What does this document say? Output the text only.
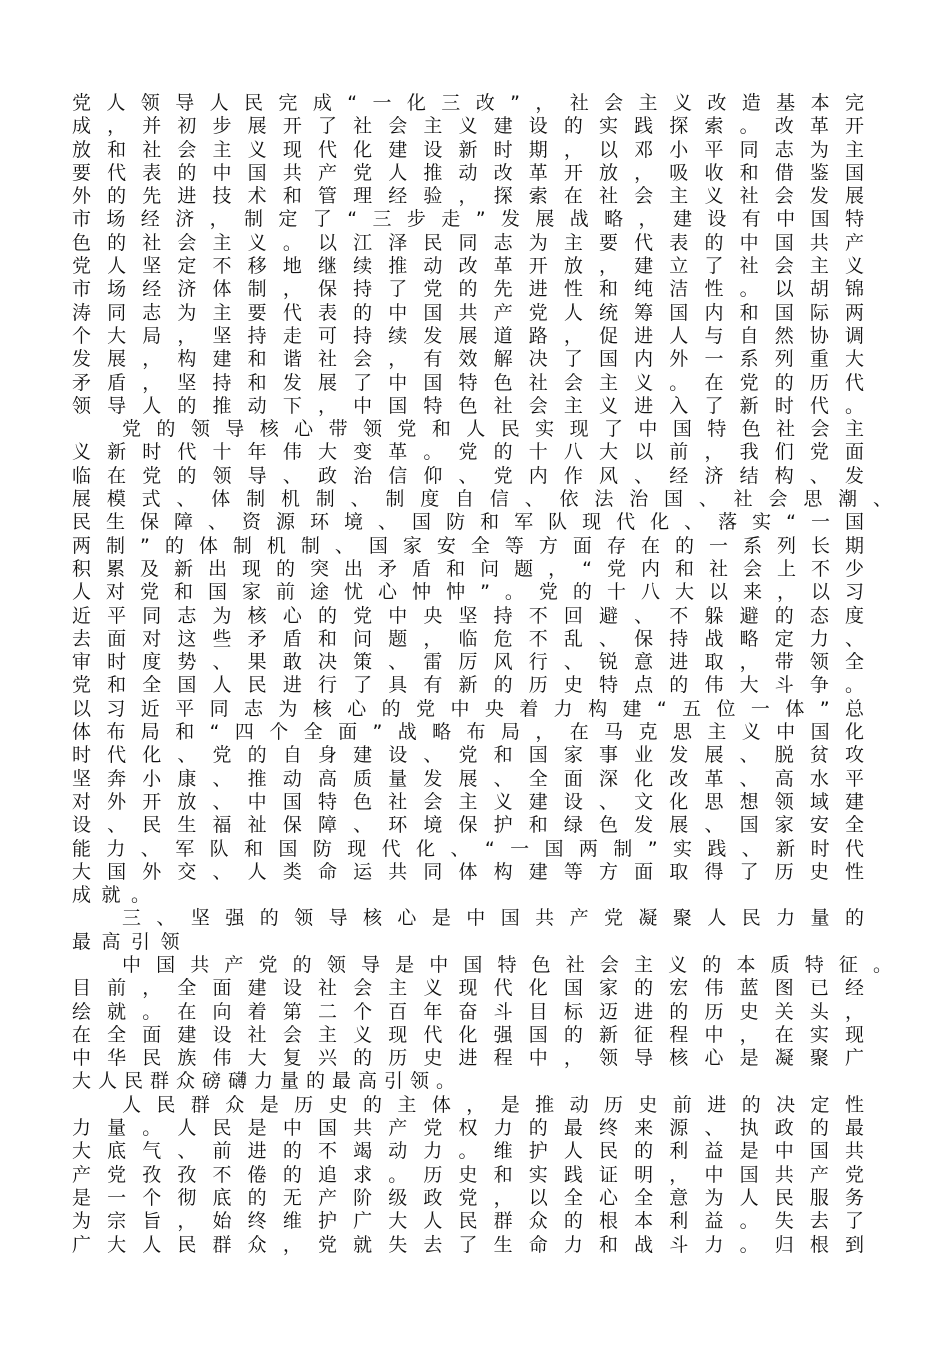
党人领导人民完成“一化三改”，社会主义改造基本完
成，并初步展开了社会主义建设的实践探索。改革开
放和社会主义现代化建设新时期，以邓小平同志为主
要代表的中国共产党人推动改革开放，吸收和借鉴国
外的先进技术和管理经验，探索在社会主义社会发展
市场经济，制定了“三步走”发展战略，建设有中国特
色的社会主义。以江泽民同志为主要代表的中国共产
党人坚定不移地继续推动改革开放，建立了社会主义
市场经济体制，保持了党的先进性和纯洁性。以胡锦
涛同志为主要代表的中国共产党人统筹国内和国际两
个大局，坚持走可持续发展道路，促进人与自然协调
发展，构建和谐社会，有效解决了国内外一系列重大
矛盾，坚持和发展了中国特色社会主义。在党的历代
领导人的推动下，中国特色社会主义进入了新时代。
党的领导核心带领党和人民实现了中国特色社会主
义新时代十年伟大变革。党的十八大以前，我们党面
临在党的领导、政治信仰、党内作风、经济结构、发
展模式、体制机制、制度自信、依法治国、社会思潮、
民生保障、资源环境、国防和军队现代化、落实“一国
两制”的体制机制、国家安全等方面存在的一系列长期
积累及新出现的突出矛盾和问题，“党内和社会上不少
人对党和国家前途忧心忡忡”。党的十八大以来，以习
近平同志为核心的党中央坚持不回避、不躲避的态度
去面对这些矛盾和问题，临危不乱、保持战略定力、
审时度势、果敢决策、雷厉风行、锐意进取，带领全
党和全国人民进行了具有新的历史特点的伟大斗争。
以习近平同志为核心的党中央着力构建“五位一体”总
体布局和“四个全面”战略布局，在马克思主义中国化
时代化、党的自身建设、党和国家事业发展、脱贫攻
坚奔小康、推动高质量发展、全面深化改革、高水平
对外开放、中国特色社会主义建设、文化思想领域建
设、民生福祉保障、环境保护和绿色发展、国家安全
能力、军队和国防现代化、“一国两制”实践、新时代
大国外交、人类命运共同体构建等方面取得了历史性
成就。
三、坚强的领导核心是中国共产党凝聚人民力量的
最高引领
中国共产党的领导是中国特色社会主义的本质特征。
目前，全面建设社会主义现代化国家的宏伟蓝图已经
绘就。在向着第二个百年奋斗目标迈进的历史关头，
在全面建设社会主义现代化强国的新征程中，在实现
中华民族伟大复兴的历史进程中，领导核心是凝聚广
大人民群众磅礴力量的最高引领。
人民群众是历史的主体，是推动历史前进的决定性
力量。人民是中国共产党权力的最终来源、执政的最
大底气、前进的不竭动力。维护人民的利益是中国共
产党孜孜不倦的追求。历史和实践证明，中国共产党
是一个彻底的无产阶级政党，以全心全意为人民服务
为宗旨，始终维护广大人民群众的根本利益。失去了
广大人民群众，党就失去了生命力和战斗力。归根到
